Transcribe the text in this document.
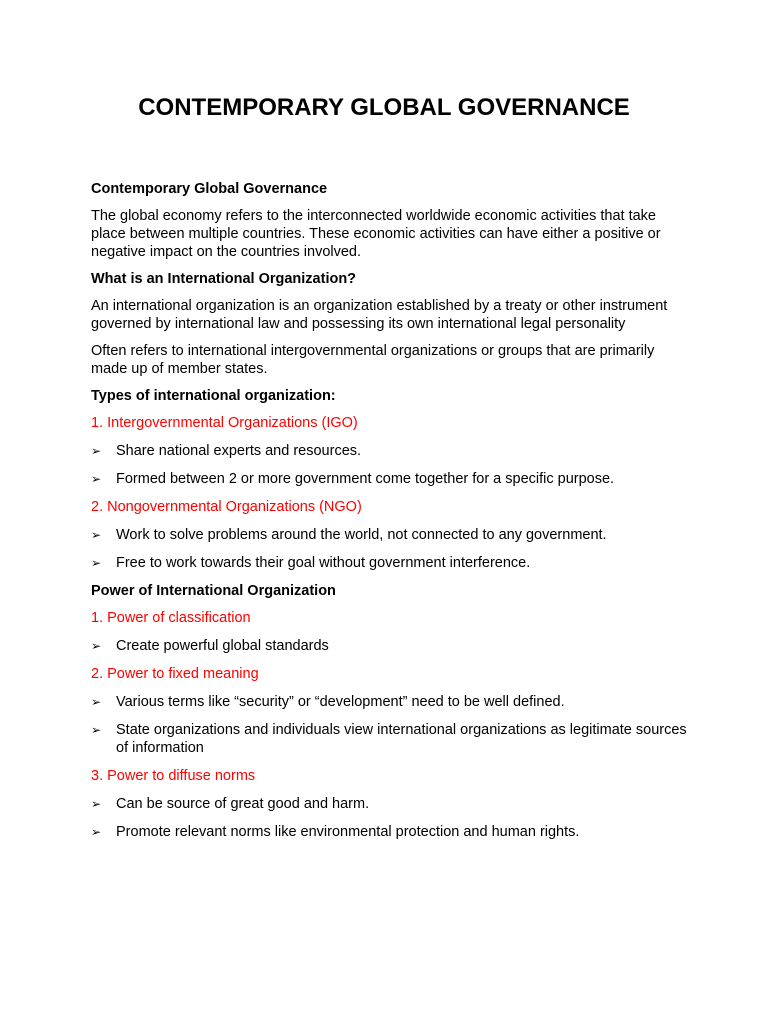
CONTEMPORARY GLOBAL GOVERNANCE

Contemporary Global Governance

The global economy refers to the interconnected worldwide economic activities that take place between multiple countries. These economic activities can have either a positive or negative impact on the countries involved.

What is an International Organization?

An international organization is an organization established by a treaty or other instrument governed by international law and possessing its own international legal personality

Often refers to international intergovernmental organizations or groups that are primarily made up of member states.

Types of international organization:

1. Intergovernmental Organizations (IGO)

➢	Share national experts and resources.
➢	Formed between 2 or more government come together for a specific purpose.

2. Nongovernmental Organizations (NGO)

➢	Work to solve problems around the world, not connected to any government.
➢	Free to work towards their goal without government interference.

Power of International Organization

1. Power of classification

➢	Create powerful global standards

2. Power to fixed meaning

➢	Various terms like “security” or “development” need to be well defined.
➢	State organizations and individuals view international organizations as legitimate sources of information

3. Power to diffuse norms

➢	Can be source of great good and harm.
➢	Promote relevant norms like environmental protection and human rights.
